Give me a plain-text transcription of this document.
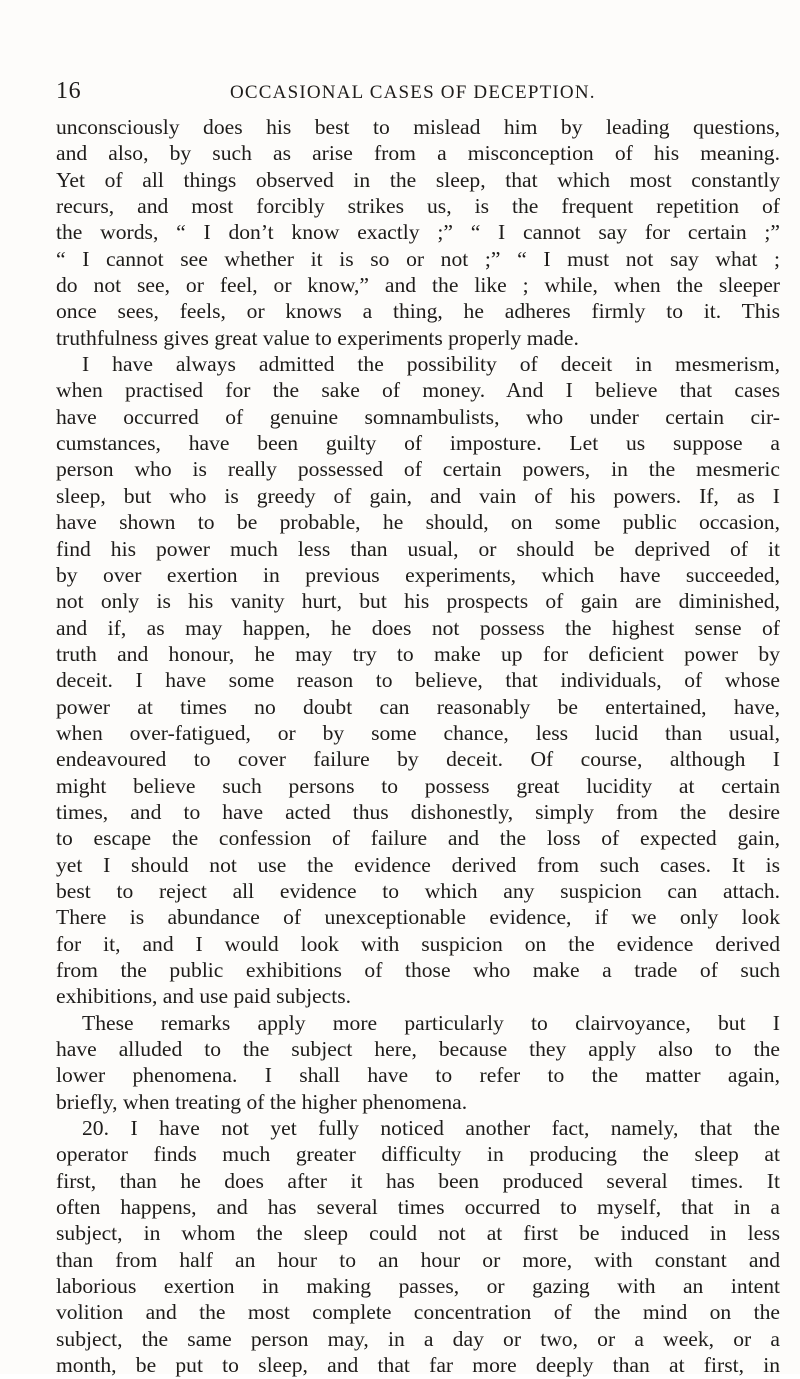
16	OCCASIONAL CASES OF DECEPTION.
unconsciously does his best to mislead him by leading questions,
and also, by such as arise from a misconception of his meaning.
Yet of all things observed in the sleep, that which most constantly
recurs, and most forcibly strikes us, is the frequent repetition of
the words, “ I don’t know exactly ;” “ I cannot say for certain ;”
“ I cannot see whether it is so or not ;” “ I must not say what ;
do not see, or feel, or know,” and the like ; while, when the sleeper
once sees, feels, or knows a thing, he adheres firmly to it. This
truthfulness gives great value to experiments properly made.
I have always admitted the possibility of deceit in mesmerism,
when practised for the sake of money. And I believe that cases
have occurred of genuine somnambulists, who under certain cir-
cumstances, have been guilty of imposture. Let us suppose a
person who is really possessed of certain powers, in the mesmeric
sleep, but who is greedy of gain, and vain of his powers. If, as I
have shown to be probable, he should, on some public occasion,
find his power much less than usual, or should be deprived of it
by over exertion in previous experiments, which have succeeded,
not only is his vanity hurt, but his prospects of gain are diminished,
and if, as may happen, he does not possess the highest sense of
truth and honour, he may try to make up for deficient power by
deceit. I have some reason to believe, that individuals, of whose
power at times no doubt can reasonably be entertained, have,
when over-fatigued, or by some chance, less lucid than usual,
endeavoured to cover failure by deceit. Of course, although I
might believe such persons to possess great lucidity at certain
times, and to have acted thus dishonestly, simply from the desire
to escape the confession of failure and the loss of expected gain,
yet I should not use the evidence derived from such cases. It is
best to reject all evidence to which any suspicion can attach.
There is abundance of unexceptionable evidence, if we only look
for it, and I would look with suspicion on the evidence derived
from the public exhibitions of those who make a trade of such
exhibitions, and use paid subjects.
These remarks apply more particularly to clairvoyance, but I
have alluded to the subject here, because they apply also to the
lower phenomena. I shall have to refer to the matter again,
briefly, when treating of the higher phenomena.
20. I have not yet fully noticed another fact, namely, that the
operator finds much greater difficulty in producing the sleep at
first, than he does after it has been produced several times. It
often happens, and has several times occurred to myself, that in a
subject, in whom the sleep could not at first be induced in less
than from half an hour to an hour or more, with constant and
laborious exertion in making passes, or gazing with an intent
volition and the most complete concentration of the mind on the
subject, the same person may, in a day or two, or a week, or a
month, be put to sleep, and that far more deeply than at first, in
